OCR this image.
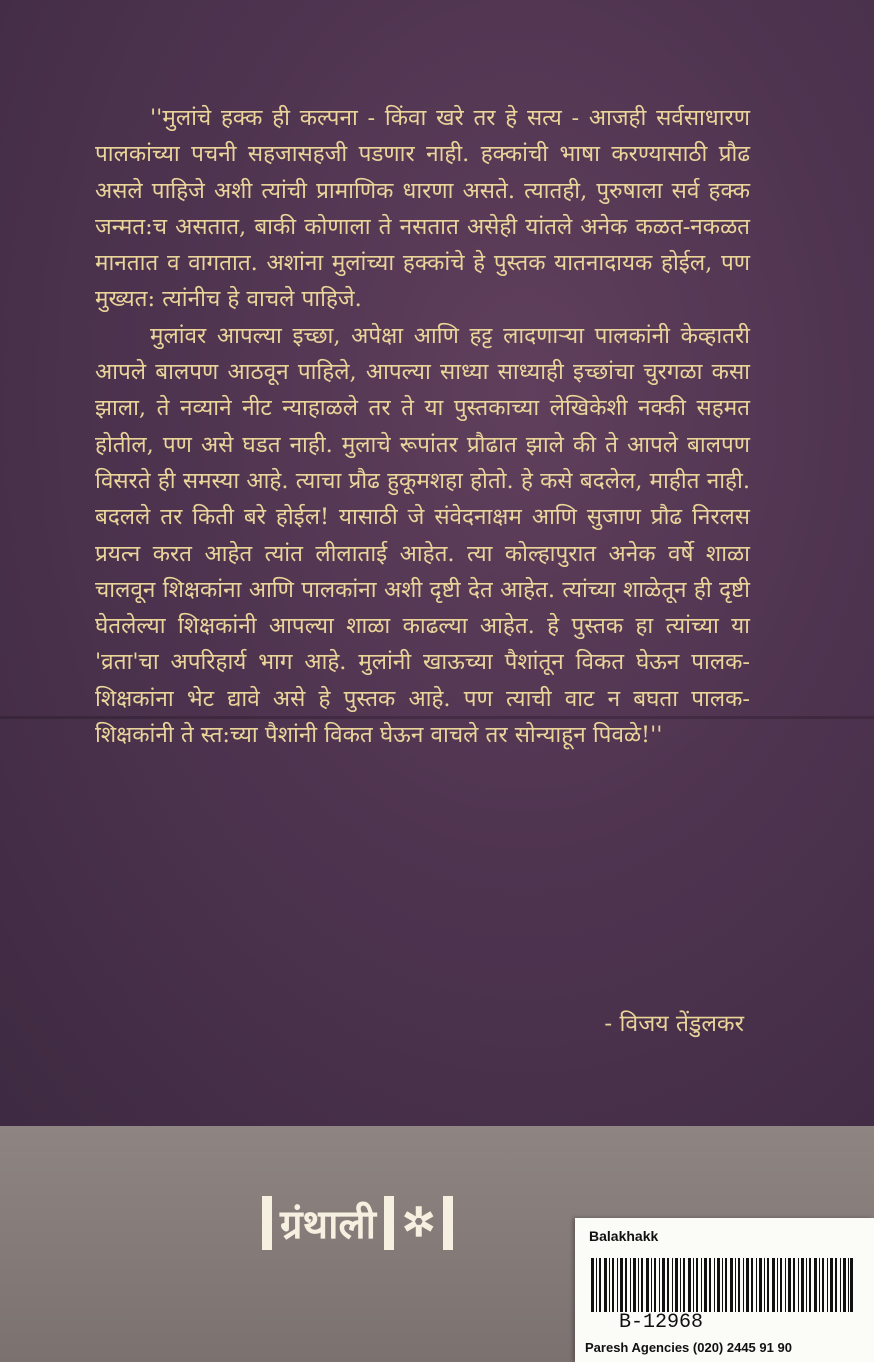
''मुलांचे हक्क ही कल्पना - किंवा खरे तर हे सत्य - आजही सर्वसाधारण पालकांच्या पचनी सहजासहजी पडणार नाही. हक्कांची भाषा करण्यासाठी प्रौढ असले पाहिजे अशी त्यांची प्रामाणिक धारणा असते. त्यातही, पुरुषाला सर्व हक्क जन्मत:च असतात, बाकी कोणाला ते नसतात असेही यांतले अनेक कळत-नकळत मानतात व वागतात. अशांना मुलांच्या हक्कांचे हे पुस्तक यातनादायक होईल, पण मुख्यत: त्यांनीच हे वाचले पाहिजे.

मुलांवर आपल्या इच्छा, अपेक्षा आणि हट्ट लादणाऱ्या पालकांनी केव्हातरी आपले बालपण आठवून पाहिले, आपल्या साध्या साध्याही इच्छांचा चुरगळा कसा झाला, ते नव्याने नीट न्याहाळले तर ते या पुस्तकाच्या लेखिकेशी नक्की सहमत होतील, पण असे घडत नाही. मुलाचे रूपांतर प्रौढात झाले की ते आपले बालपण विसरते ही समस्या आहे. त्याचा प्रौढ हुकूमशहा होतो. हे कसे बदलेल, माहीत नाही. बदलले तर किती बरे होईल! यासाठी जे संवेदनाक्षम आणि सुजाण प्रौढ निरलस प्रयत्न करत आहेत त्यांत लीलाताई आहेत. त्या कोल्हापुरात अनेक वर्षे शाळा चालवून शिक्षकांना आणि पालकांना अशी दृष्टी देत आहेत. त्यांच्या शाळेतून ही दृष्टी घेतलेल्या शिक्षकांनी आपल्या शाळा काढल्या आहेत. हे पुस्तक हा त्यांच्या या 'व्रता'चा अपरिहार्य भाग आहे. मुलांनी खाऊच्या पैशांतून विकत घेऊन पालक-शिक्षकांना भेट द्यावे असे हे पुस्तक आहे. पण त्याची वाट न बघता पालक-शिक्षकांनी ते स्त:च्या पैशांनी विकत घेऊन वाचले तर सोन्याहून पिवळे!''

- विजय तेंडुलकर
ग्रंथाली ✲	Balakhakk
B-12968
Paresh Agencies (020) 2445 91 90
